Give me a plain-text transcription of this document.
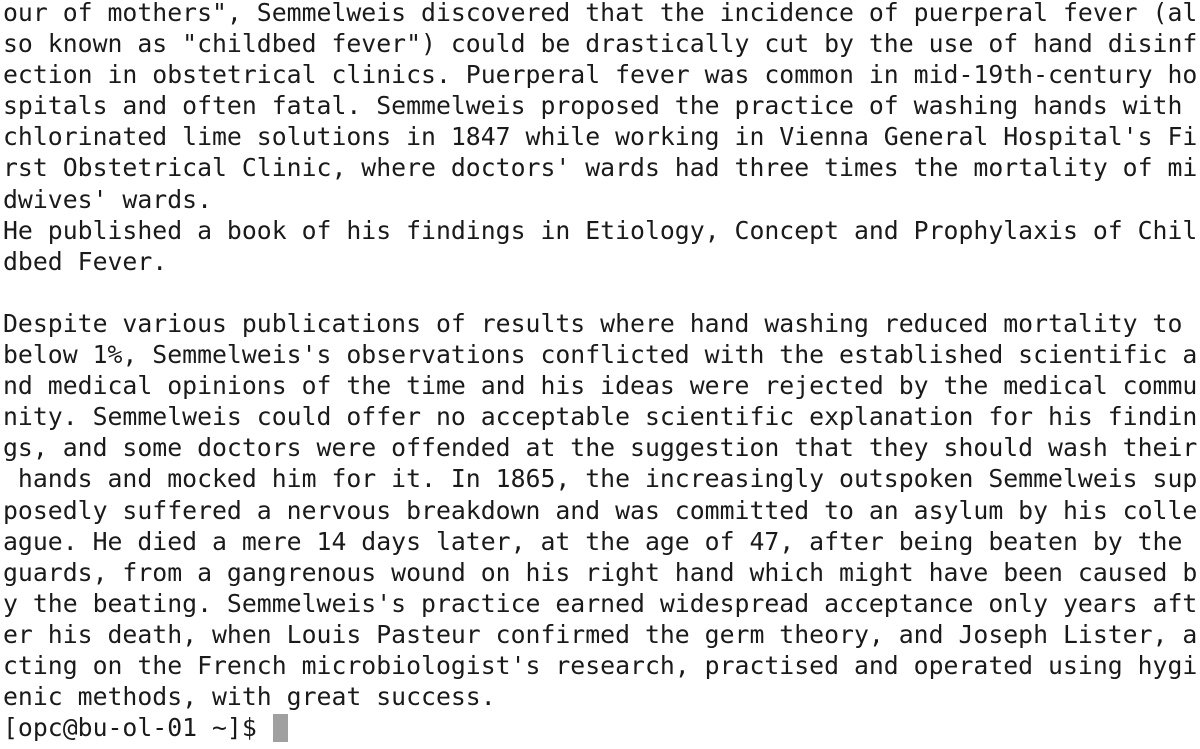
our of mothers", Semmelweis discovered that the incidence of puerperal fever (al
so known as "childbed fever") could be drastically cut by the use of hand disinf
ection in obstetrical clinics. Puerperal fever was common in mid-19th-century ho
spitals and often fatal. Semmelweis proposed the practice of washing hands with
chlorinated lime solutions in 1847 while working in Vienna General Hospital's Fi
rst Obstetrical Clinic, where doctors' wards had three times the mortality of mi
dwives' wards.
He published a book of his findings in Etiology, Concept and Prophylaxis of Chil
dbed Fever.
Despite various publications of results where hand washing reduced mortality to
below 1%, Semmelweis's observations conflicted with the established scientific a
nd medical opinions of the time and his ideas were rejected by the medical commu
nity. Semmelweis could offer no acceptable scientific explanation for his findin
gs, and some doctors were offended at the suggestion that they should wash their
hands and mocked him for it. In 1865, the increasingly outspoken Semmelweis sup
posedly suffered a nervous breakdown and was committed to an asylum by his colle
ague. He died a mere 14 days later, at the age of 47, after being beaten by the
guards, from a gangrenous wound on his right hand which might have been caused b
y the beating. Semmelweis's practice earned widespread acceptance only years aft
er his death, when Louis Pasteur confirmed the germ theory, and Joseph Lister, a
cting on the French microbiologist's research, practised and operated using hygi
enic methods, with great success.
[opc@bu-ol-01 ~]$
